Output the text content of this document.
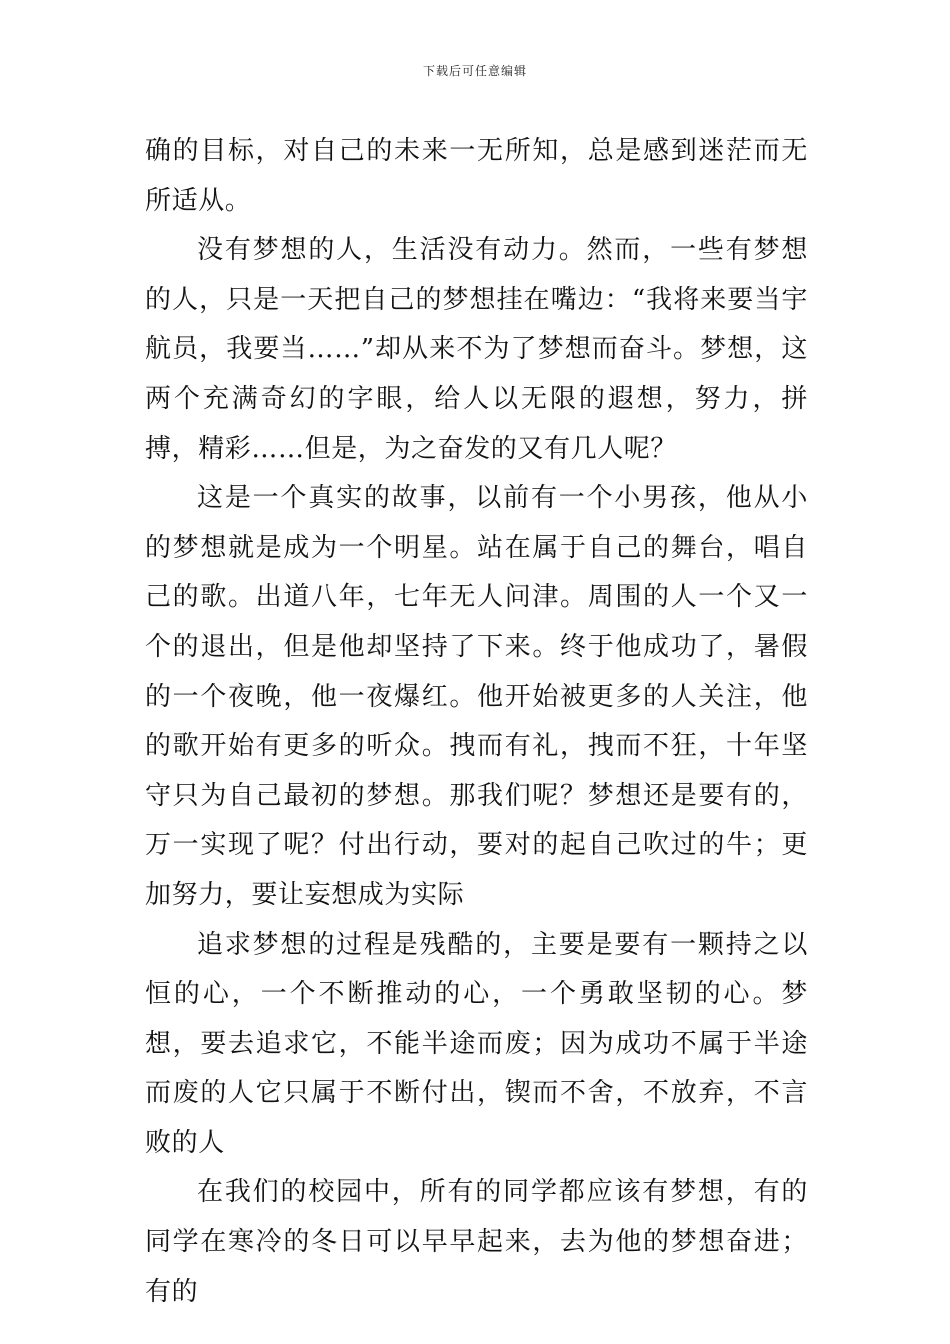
下载后可任意编辑

确的目标，对自己的未来一无所知，总是感到迷茫而无所适从。

没有梦想的人，生活没有动力。然而，一些有梦想的人，只是一天把自己的梦想挂在嘴边：“我将来要当宇航员，我要当……”却从来不为了梦想而奋斗。梦想，这两个充满奇幻的字眼，给人以无限的遐想，努力，拼搏，精彩……但是，为之奋发的又有几人呢？

这是一个真实的故事，以前有一个小男孩，他从小的梦想就是成为一个明星。站在属于自己的舞台，唱自己的歌。出道八年，七年无人问津。周围的人一个又一个的退出，但是他却坚持了下来。终于他成功了，暑假的一个夜晚，他一夜爆红。他开始被更多的人关注，他的歌开始有更多的听众。拽而有礼，拽而不狂，十年坚守只为自己最初的梦想。那我们呢？梦想还是要有的，万一实现了呢？付出行动，要对的起自己吹过的牛；更加努力，要让妄想成为实际

追求梦想的过程是残酷的，主要是要有一颗持之以恒的心，一个不断推动的心，一个勇敢坚韧的心。梦想，要去追求它，不能半途而废；因为成功不属于半途而废的人它只属于不断付出，锲而不舍，不放弃，不言败的人

在我们的校园中，所有的同学都应该有梦想，有的同学在寒冷的冬日可以早早起来，去为他的梦想奋进；有的
